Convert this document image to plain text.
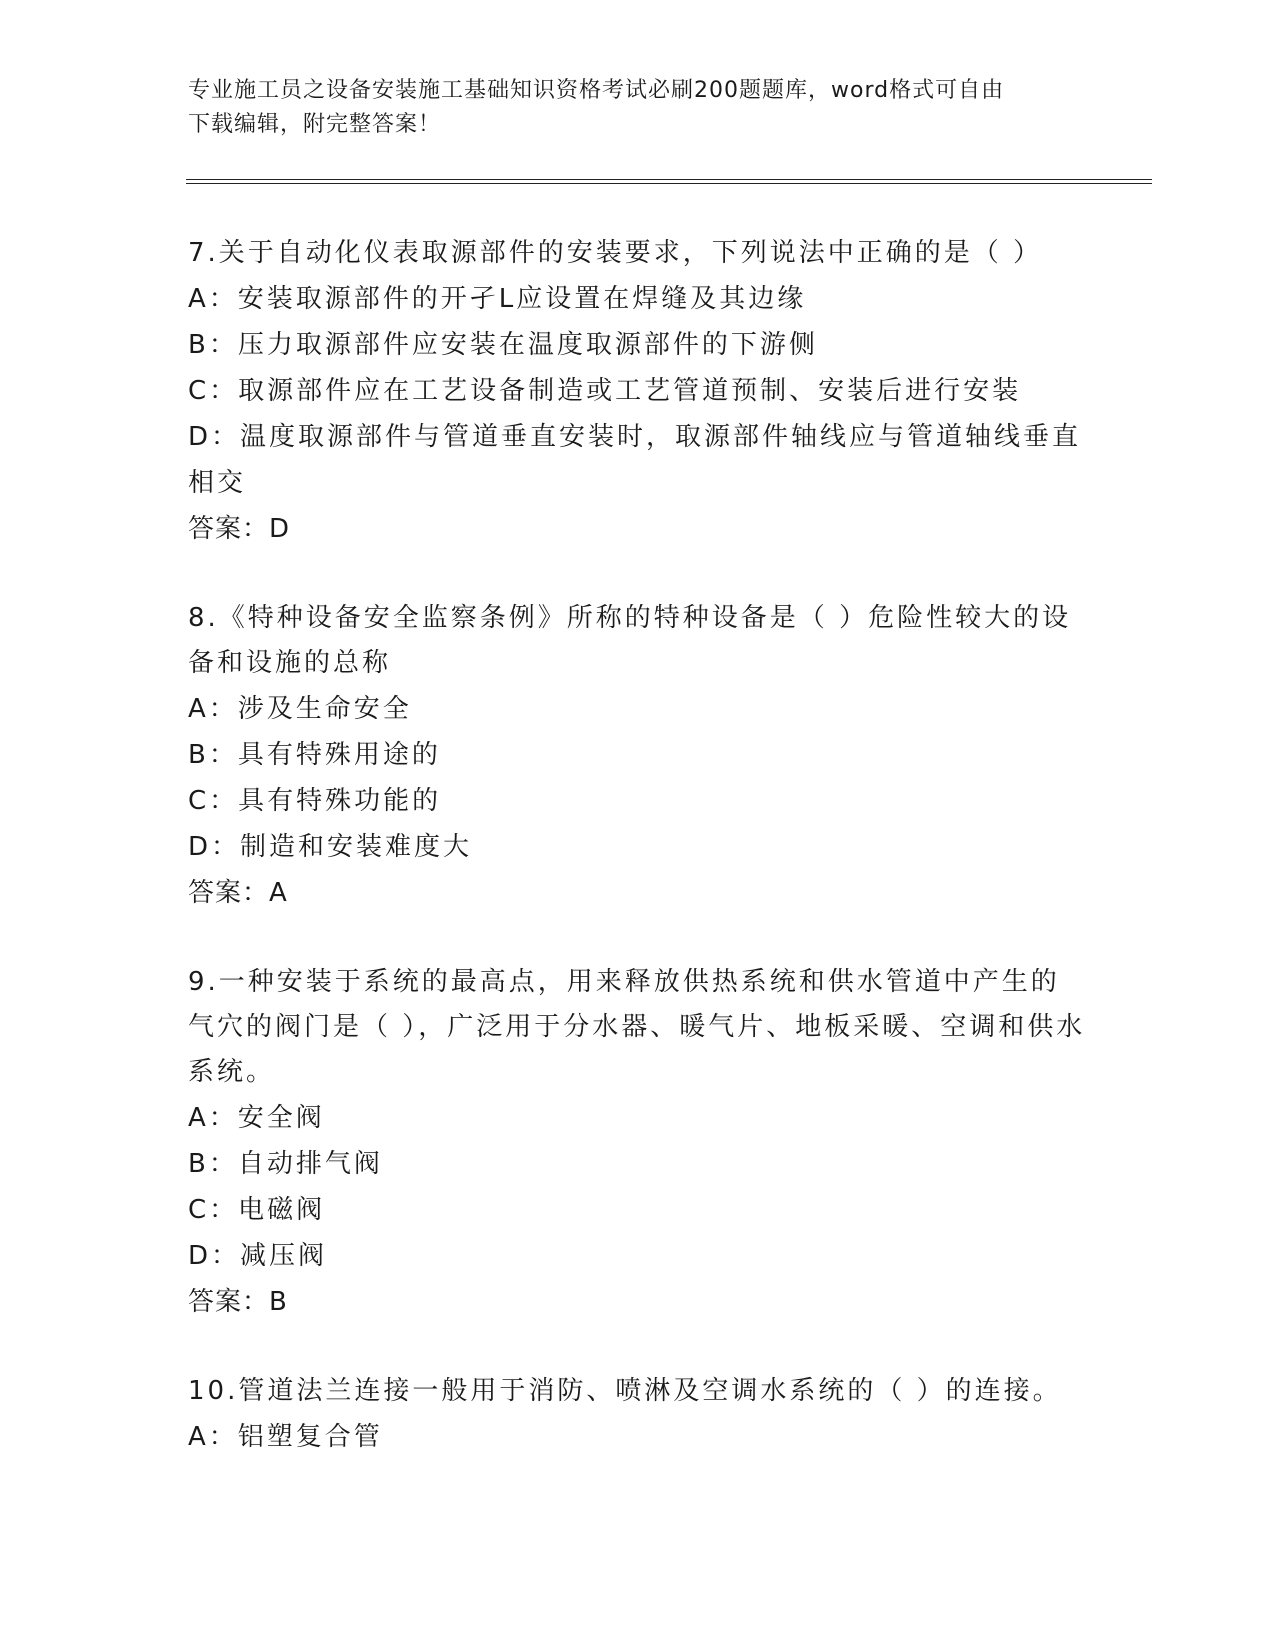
专业施工员之设备安装施工基础知识资格考试必刷200题题库，word格式可自由
下载编辑，附完整答案！
7.关于自动化仪表取源部件的安装要求，下列说法中正确的是（ ）
A：安装取源部件的开孑L应设置在焊缝及其边缘
B：压力取源部件应安装在温度取源部件的下游侧
C：取源部件应在工艺设备制造或工艺管道预制、安装后进行安装
D：温度取源部件与管道垂直安装时，取源部件轴线应与管道轴线垂直相交
答案：D
8.《特种设备安全监察条例》所称的特种设备是（ ）危险性较大的设备和设施的总称
A：涉及生命安全
B：具有特殊用途的
C：具有特殊功能的
D：制造和安装难度大
答案：A
9.一种安装于系统的最高点，用来释放供热系统和供水管道中产生的气穴的阀门是（ ），广泛用于分水器、暖气片、地板采暖、空调和供水系统。
A：安全阀
B：自动排气阀
C：电磁阀
D：减压阀
答案：B
10.管道法兰连接一般用于消防、喷淋及空调水系统的（ ）的连接。
A：铝塑复合管
